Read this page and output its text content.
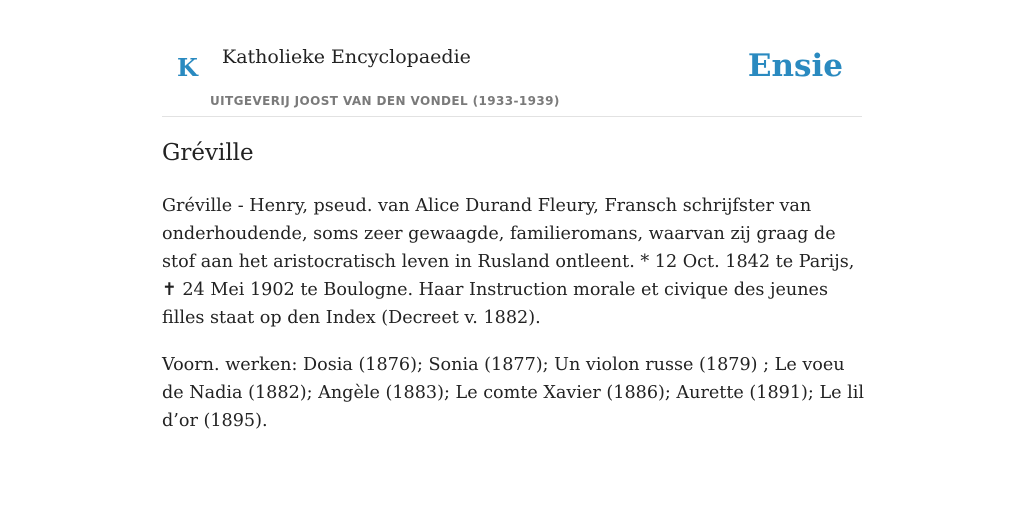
K Katholieke Encyclopaedie
UITGEVERIJ JOOST VAN DEN VONDEL (1933-1939)
Ensie
Gréville

Gréville - Henry, pseud. van Alice Durand Fleury, Fransch schrijfster van onderhoudende, soms zeer gewaagde, familieromans, waarvan zij graag de stof aan het aristocratisch leven in Rusland ontleent. * 12 Oct. 1842 te Parijs, ✝ 24 Mei 1902 te Boulogne. Haar Instruction morale et civique des jeunes filles staat op den Index (Decreet v. 1882).

Voorn. werken: Dosia (1876); Sonia (1877); Un violon russe (1879) ; Le voeu de Nadia (1882); Angèle (1883); Le comte Xavier (1886); Aurette (1891); Le lil d’or (1895).
